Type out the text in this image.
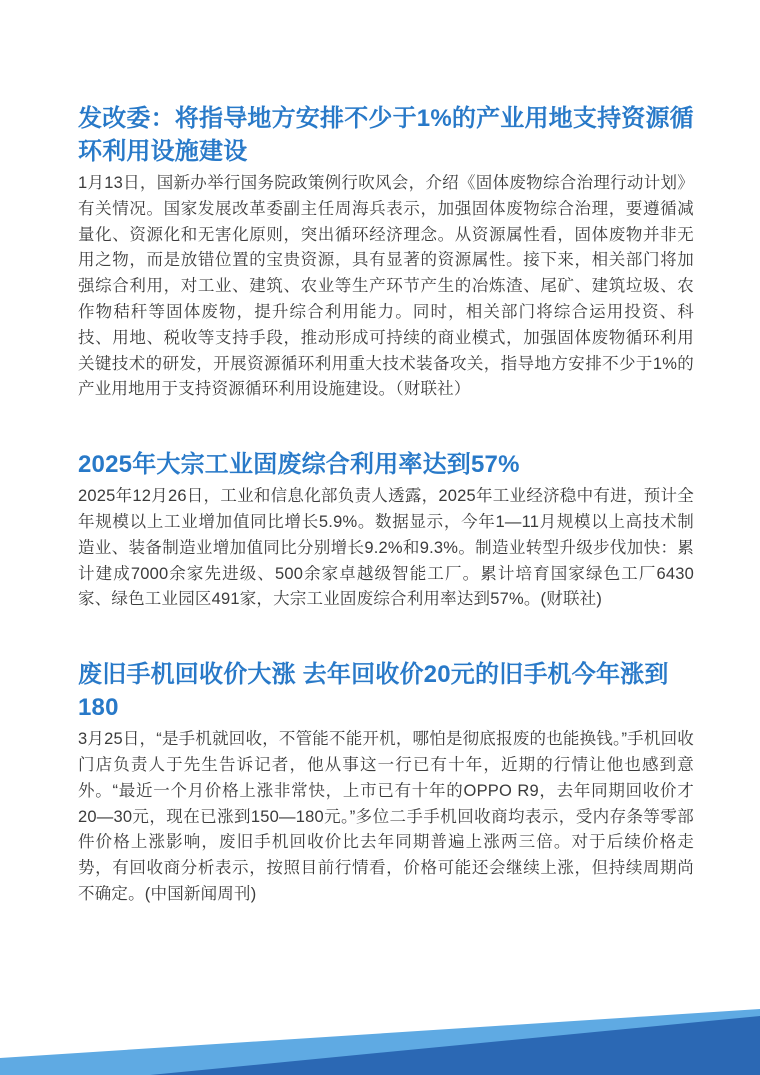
发改委：将指导地方安排不少于1%的产业用地支持资源循环利用设施建设

1月13日，国新办举行国务院政策例行吹风会，介绍《固体废物综合治理行动计划》有关情况。国家发展改革委副主任周海兵表示，加强固体废物综合治理，要遵循减量化、资源化和无害化原则，突出循环经济理念。从资源属性看，固体废物并非无用之物，而是放错位置的宝贵资源，具有显著的资源属性。接下来，相关部门将加强综合利用，对工业、建筑、农业等生产环节产生的冶炼渣、尾矿、建筑垃圾、农作物秸秆等固体废物，提升综合利用能力。同时，相关部门将综合运用投资、科技、用地、税收等支持手段，推动形成可持续的商业模式，加强固体废物循环利用关键技术的研发，开展资源循环利用重大技术装备攻关，指导地方安排不少于1%的产业用地用于支持资源循环利用设施建设。（财联社）

2025年大宗工业固废综合利用率达到57%

2025年12月26日，工业和信息化部负责人透露，2025年工业经济稳中有进，预计全年规模以上工业增加值同比增长5.9%。数据显示，今年1—11月规模以上高技术制造业、装备制造业增加值同比分别增长9.2%和9.3%。制造业转型升级步伐加快：累计建成7000余家先进级、500余家卓越级智能工厂。累计培育国家绿色工厂6430家、绿色工业园区491家，大宗工业固废综合利用率达到57%。(财联社)

废旧手机回收价大涨 去年回收价20元的旧手机今年涨到180

3月25日，“是手机就回收，不管能不能开机，哪怕是彻底报废的也能换钱。”手机回收门店负责人于先生告诉记者，他从事这一行已有十年，近期的行情让他也感到意外。“最近一个月价格上涨非常快，上市已有十年的OPPO R9，去年同期回收价才20—30元，现在已涨到150—180元。”多位二手手机回收商均表示，受内存条等零部件价格上涨影响，废旧手机回收价比去年同期普遍上涨两三倍。对于后续价格走势，有回收商分析表示，按照目前行情看，价格可能还会继续上涨，但持续周期尚不确定。(中国新闻周刊)
